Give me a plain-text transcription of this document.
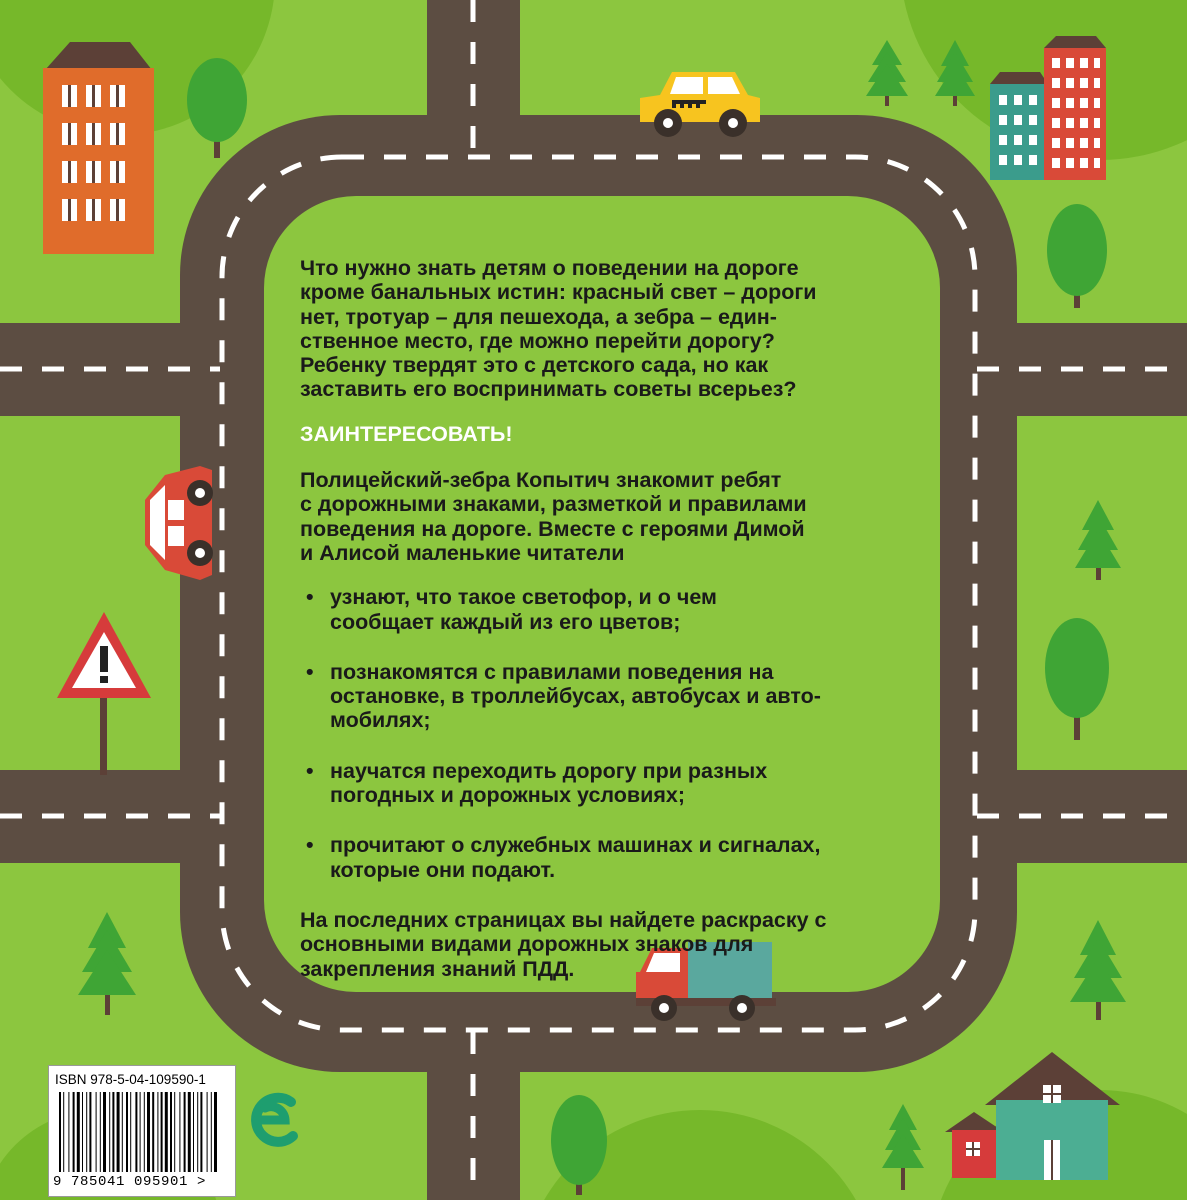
Что нужно знать детям о поведении на дороге
кроме банальных истин: красный свет – дороги
нет, тротуар – для пешехода, а зебра – един-
ственное место, где можно перейти дорогу?
Ребенку твердят это с детского сада, но как
заставить его воспринимать советы всерьез?

ЗАИНТЕРЕСОВАТЬ!

Полицейский-зебра Копытич знакомит ребят
с дорожными знаками, разметкой и правилами
поведения на дороге. Вместе с героями Димой
и Алисой маленькие читатели

• узнают, что такое светофор, и о чем
сообщает каждый из его цветов;
• познакомятся с правилами поведения на
остановке, в троллейбусах, автобусах и авто-
мобилях;
• научатся переходить дорогу при разных
погодных и дорожных условиях;
• прочитают о служебных машинах и сигналах,
которые они подают.

На последних страницах вы найдете раскраску с
основными видами дорожных знаков для
закрепления знаний ПДД.

ISBN 978-5-04-109590-1
9 785041 095901 >
